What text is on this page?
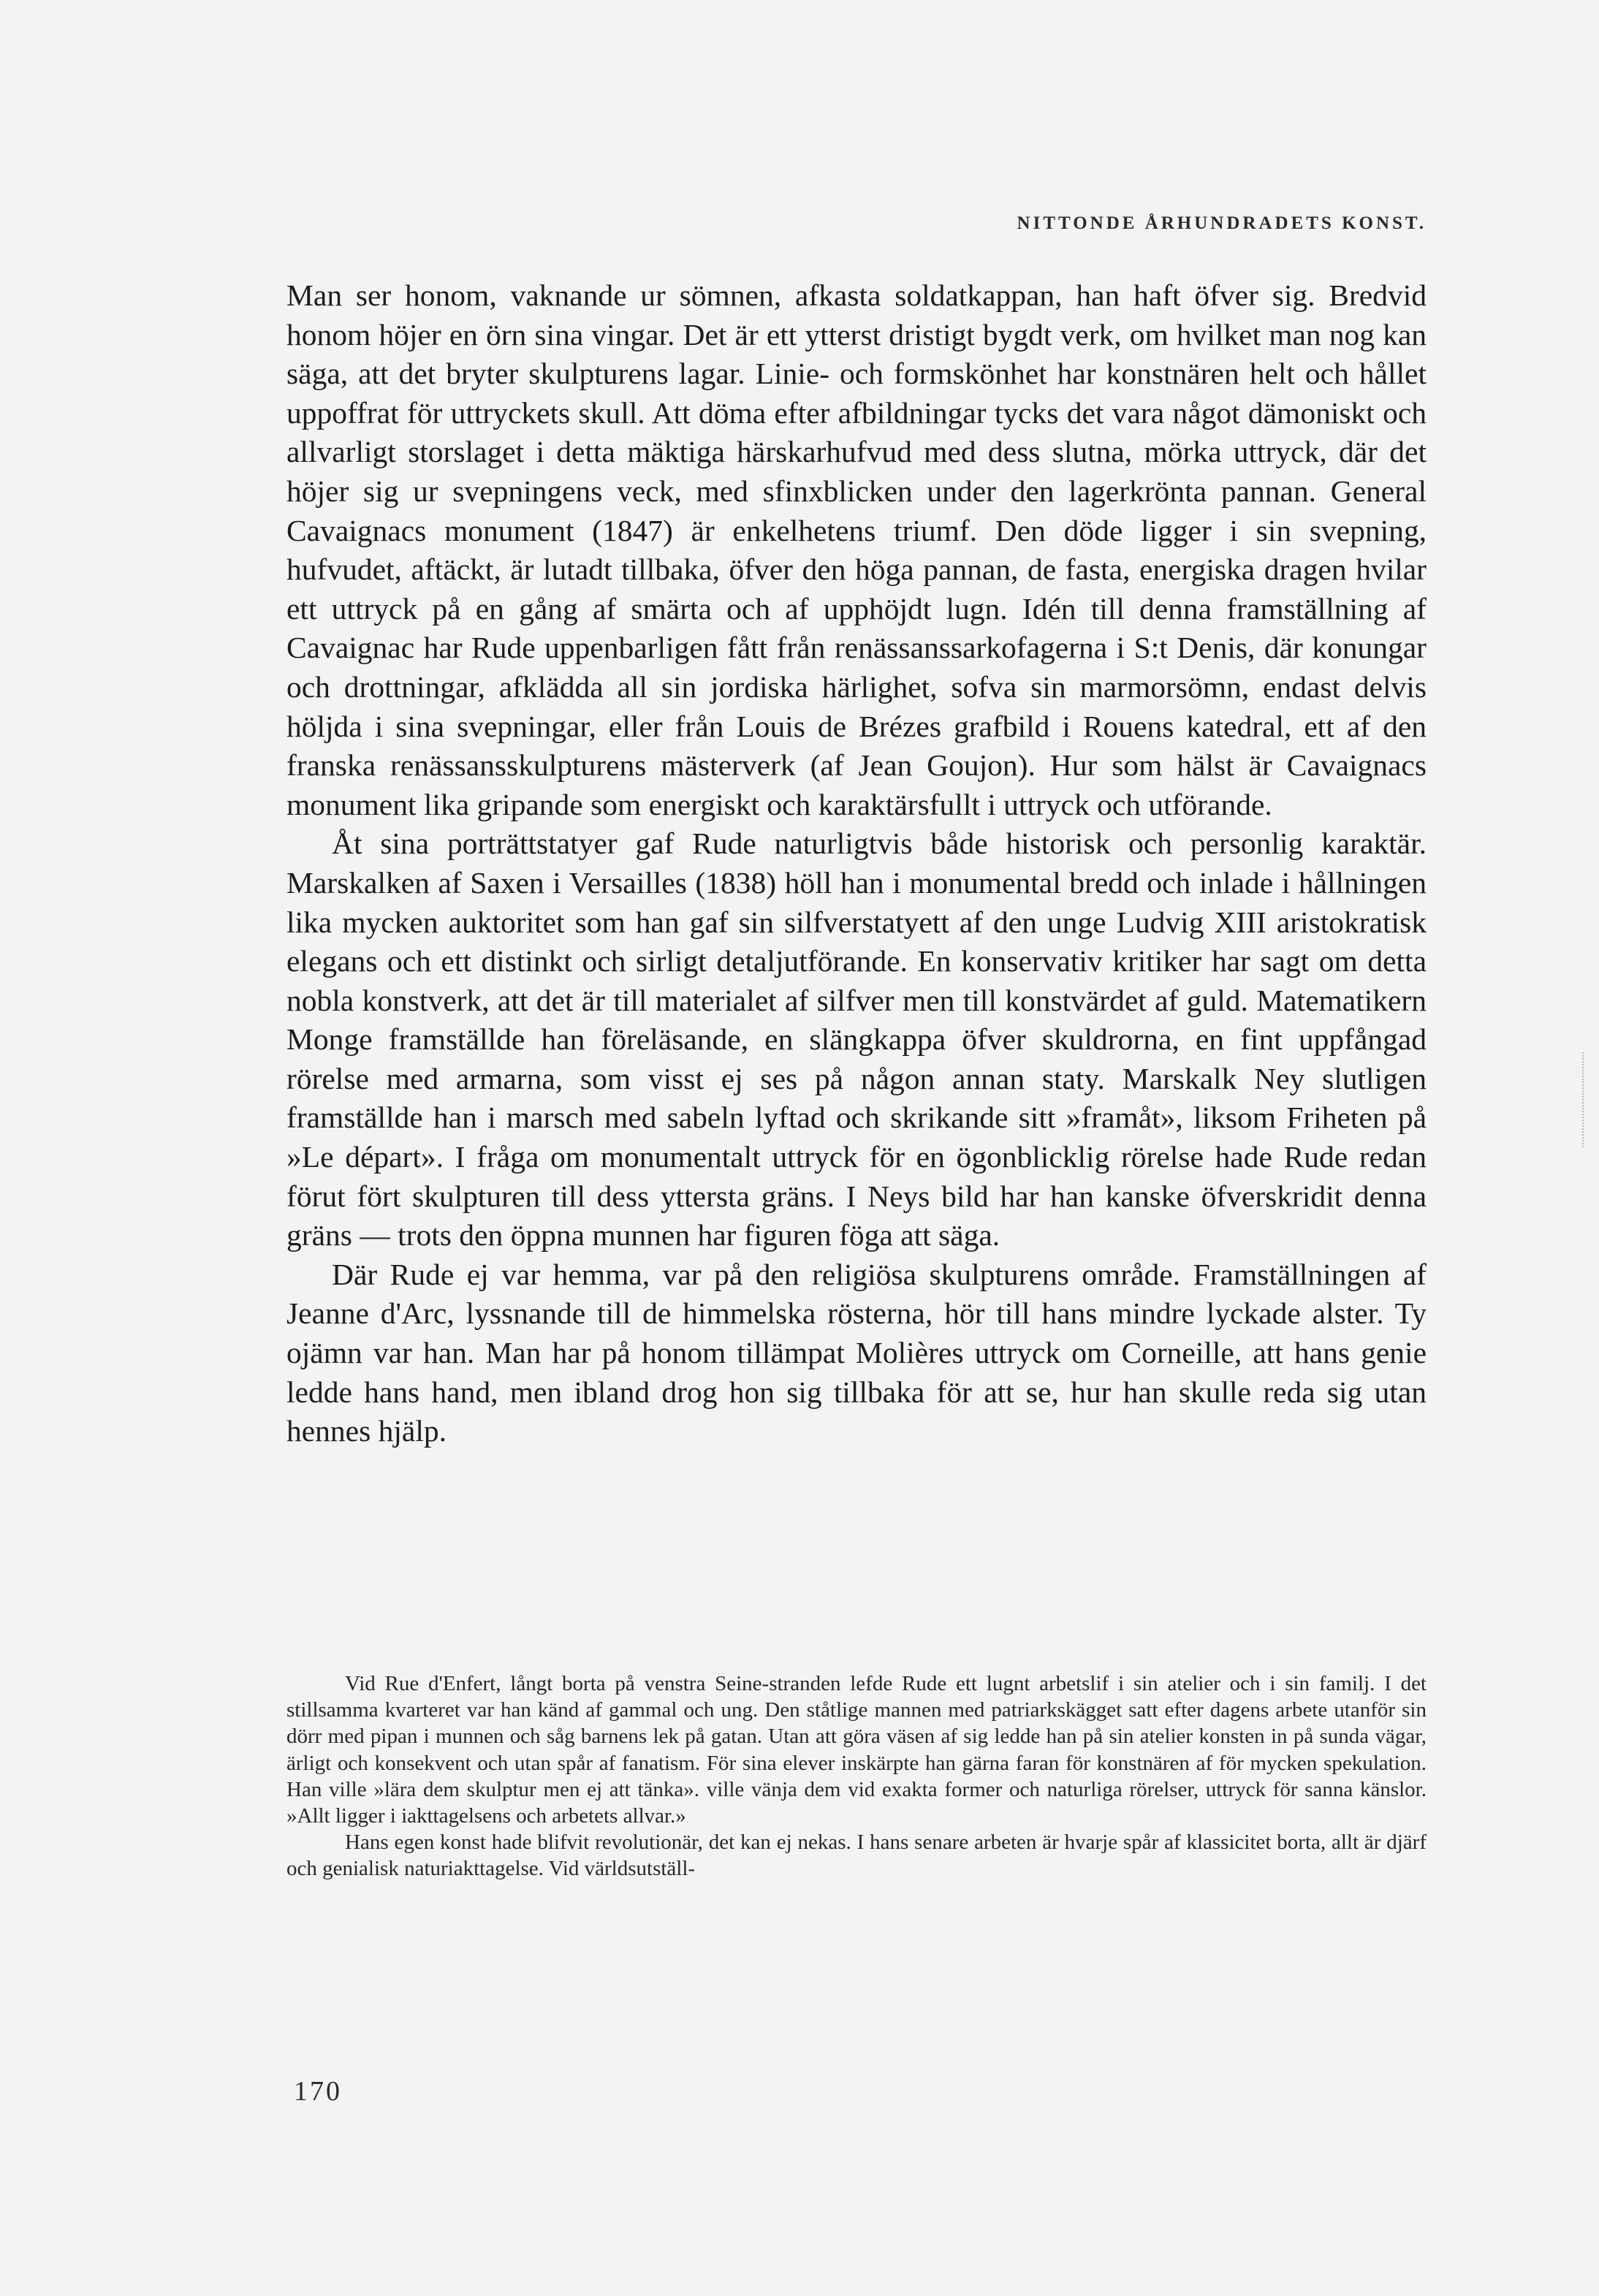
NITTONDE ÅRHUNDRADETS KONST.

Man ser honom, vaknande ur sömnen, afkasta soldatkappan, han haft öfver sig. Bredvid honom höjer en örn sina vingar. Det är ett ytterst dristigt bygdt verk, om hvilket man nog kan säga, att det bryter skulpturens lagar. Linie- och formskönhet har konstnären helt och hållet uppoffrat för uttryckets skull. Att döma efter afbildningar tycks det vara något dämoniskt och allvarligt storslaget i detta mäktiga härskarhufvud med dess slutna, mörka uttryck, där det höjer sig ur svepningens veck, med sfinxblicken under den lagerkrönta pannan. General Cavaignacs monument (1847) är enkelhetens triumf. Den döde ligger i sin svepning, hufvudet, aftäckt, är lutadt tillbaka, öfver den höga pannan, de fasta, energiska dragen hvilar ett uttryck på en gång af smärta och af upphöjdt lugn. Idén till denna framställning af Cavaignac har Rude uppenbarligen fått från renässanssarkofagerna i S:t Denis, där konungar och drottningar, afklädda all sin jordiska härlighet, sofva sin marmorsömn, endast delvis höljda i sina svepningar, eller från Louis de Brézes grafbild i Rouens katedral, ett af den franska renässansskulpturens mästerverk (af Jean Goujon). Hur som hälst är Cavaignacs monument lika gripande som energiskt och karaktärsfullt i uttryck och utförande.

Åt sina porträttstatyer gaf Rude naturligtvis både historisk och personlig karaktär. Marskalken af Saxen i Versailles (1838) höll han i monumental bredd och inlade i hållningen lika mycken auktoritet som han gaf sin silfverstatyett af den unge Ludvig XIII aristokratisk elegans och ett distinkt och sirligt detaljutförande. En konservativ kritiker har sagt om detta nobla konstverk, att det är till materialet af silfver men till konstvärdet af guld. Matematikern Monge framställde han föreläsande, en slängkappa öfver skuldrorna, en fint uppfångad rörelse med armarna, som visst ej ses på någon annan staty. Marskalk Ney slutligen framställde han i marsch med sabeln lyftad och skrikande sitt »framåt», liksom Friheten på »Le départ». I fråga om monumentalt uttryck för en ögonblicklig rörelse hade Rude redan förut fört skulpturen till dess yttersta gräns. I Neys bild har han kanske öfverskridit denna gräns — trots den öppna munnen har figuren föga att säga.

Där Rude ej var hemma, var på den religiösa skulpturens område. Framställningen af Jeanne d'Arc, lyssnande till de himmelska rösterna, hör till hans mindre lyckade alster. Ty ojämn var han. Man har på honom tillämpat Molières uttryck om Corneille, att hans genie ledde hans hand, men ibland drog hon sig tillbaka för att se, hur han skulle reda sig utan hennes hjälp.

Vid Rue d'Enfert, långt borta på venstra Seine-stranden lefde Rude ett lugnt arbetslif i sin atelier och i sin familj. I det stillsamma kvarteret var han känd af gammal och ung. Den ståtlige mannen med patriarkskägget satt efter dagens arbete utanför sin dörr med pipan i munnen och såg barnens lek på gatan. Utan att göra väsen af sig ledde han på sin atelier konsten in på sunda vägar, ärligt och konsekvent och utan spår af fanatism. För sina elever inskärpte han gärna faran för konstnären af för mycken spekulation. Han ville »lära dem skulptur men ej att tänka». ville vänja dem vid exakta former och naturliga rörelser, uttryck för sanna känslor. »Allt ligger i iakttagelsens och arbetets allvar.»

Hans egen konst hade blifvit revolutionär, det kan ej nekas. I hans senare arbeten är hvarje spår af klassicitet borta, allt är djärf och genialisk naturiakttagelse. Vid världsutställ-

170
